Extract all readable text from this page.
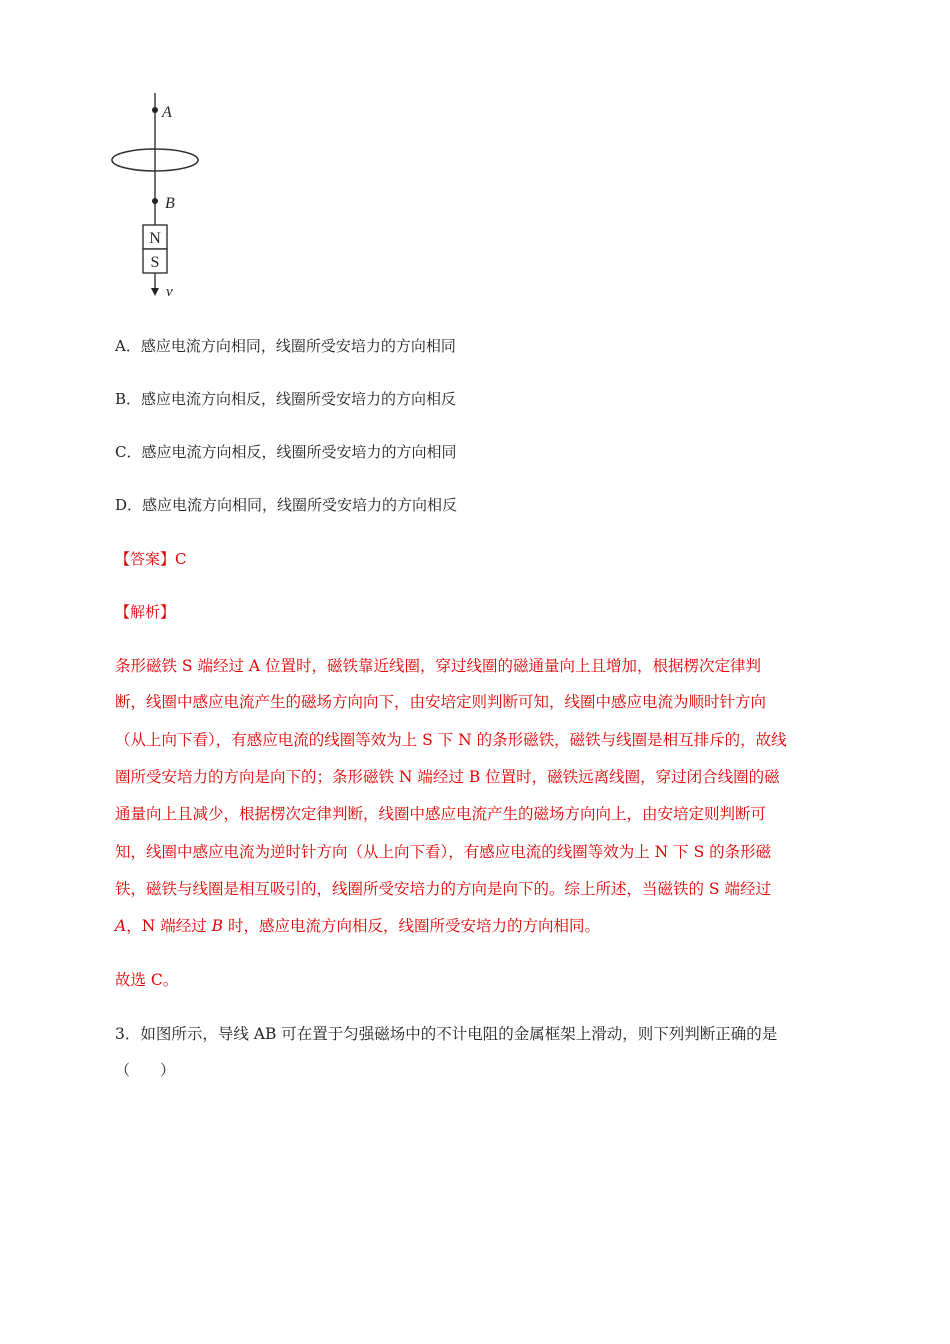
A
B
N
S
v
A．感应电流方向相同，线圈所受安培力的方向相同
B．感应电流方向相反，线圈所受安培力的方向相反
C．感应电流方向相反，线圈所受安培力的方向相同
D．感应电流方向相同，线圈所受安培力的方向相反
【答案】C
【解析】
条形磁铁 S 端经过 A 位置时，磁铁靠近线圈，穿过线圈的磁通量向上且增加，根据楞次定律判
断，线圈中感应电流产生的磁场方向向下，由安培定则判断可知，线圈中感应电流为顺时针方向
（从上向下看），有感应电流的线圈等效为上 S 下 N 的条形磁铁，磁铁与线圈是相互排斥的，故线
圈所受安培力的方向是向下的；条形磁铁 N 端经过 B 位置时，磁铁远离线圈，穿过闭合线圈的磁
通量向上且减少，根据楞次定律判断，线圈中感应电流产生的磁场方向向上，由安培定则判断可
知，线圈中感应电流为逆时针方向（从上向下看），有感应电流的线圈等效为上 N 下 S 的条形磁
铁，磁铁与线圈是相互吸引的，线圈所受安培力的方向是向下的。综上所述，当磁铁的 S 端经过
A，N 端经过 B 时，感应电流方向相反，线圈所受安培力的方向相同。
故选 C。
3．如图所示，导线 AB 可在置于匀强磁场中的不计电阻的金属框架上滑动，则下列判断正确的是
（　　）
